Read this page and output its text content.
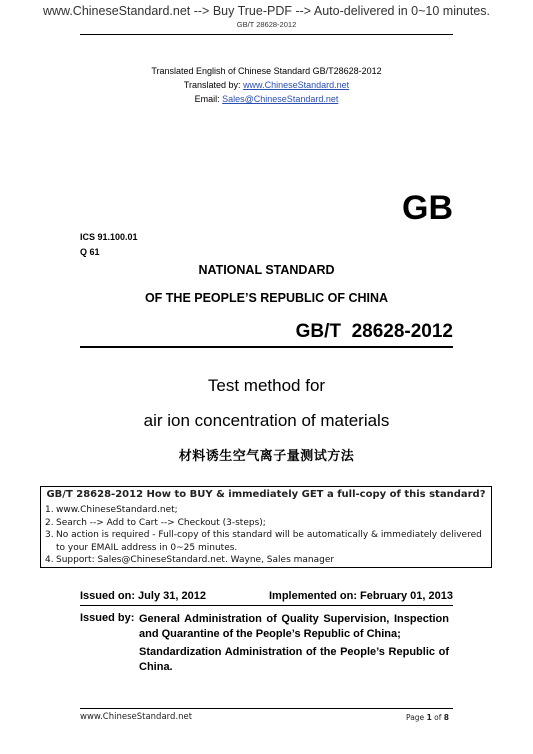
www.ChineseStandard.net --> Buy True-PDF --> Auto-delivered in 0~10 minutes.
GB/T 28628-2012
Translated English of Chinese Standard GB/T28628-2012
Translated by: www.ChineseStandard.net
Email: Sales@ChineseStandard.net
GB
ICS 91.100.01
Q 61
NATIONAL STANDARD
OF THE PEOPLE’S REPUBLIC OF CHINA
GB/T  28628-2012
Test method for
air ion concentration of materials
材料诱生空气离子量测试方法
GB/T 28628-2012 How to BUY & immediately GET a full-copy of this standard?
1. www.ChineseStandard.net;
2. Search --> Add to Cart --> Checkout (3-steps);
3. No action is required - Full-copy of this standard will be automatically & immediately delivered to your EMAIL address in 0~25 minutes.
4. Support: Sales@ChineseStandard.net. Wayne, Sales manager
Issued on: July 31, 2012	Implemented on: February 01, 2013
Issued by: General Administration of Quality Supervision, Inspection and Quarantine of the People’s Republic of China;
Standardization Administration of the People’s Republic of China.
www.ChineseStandard.net	Page 1 of 8
